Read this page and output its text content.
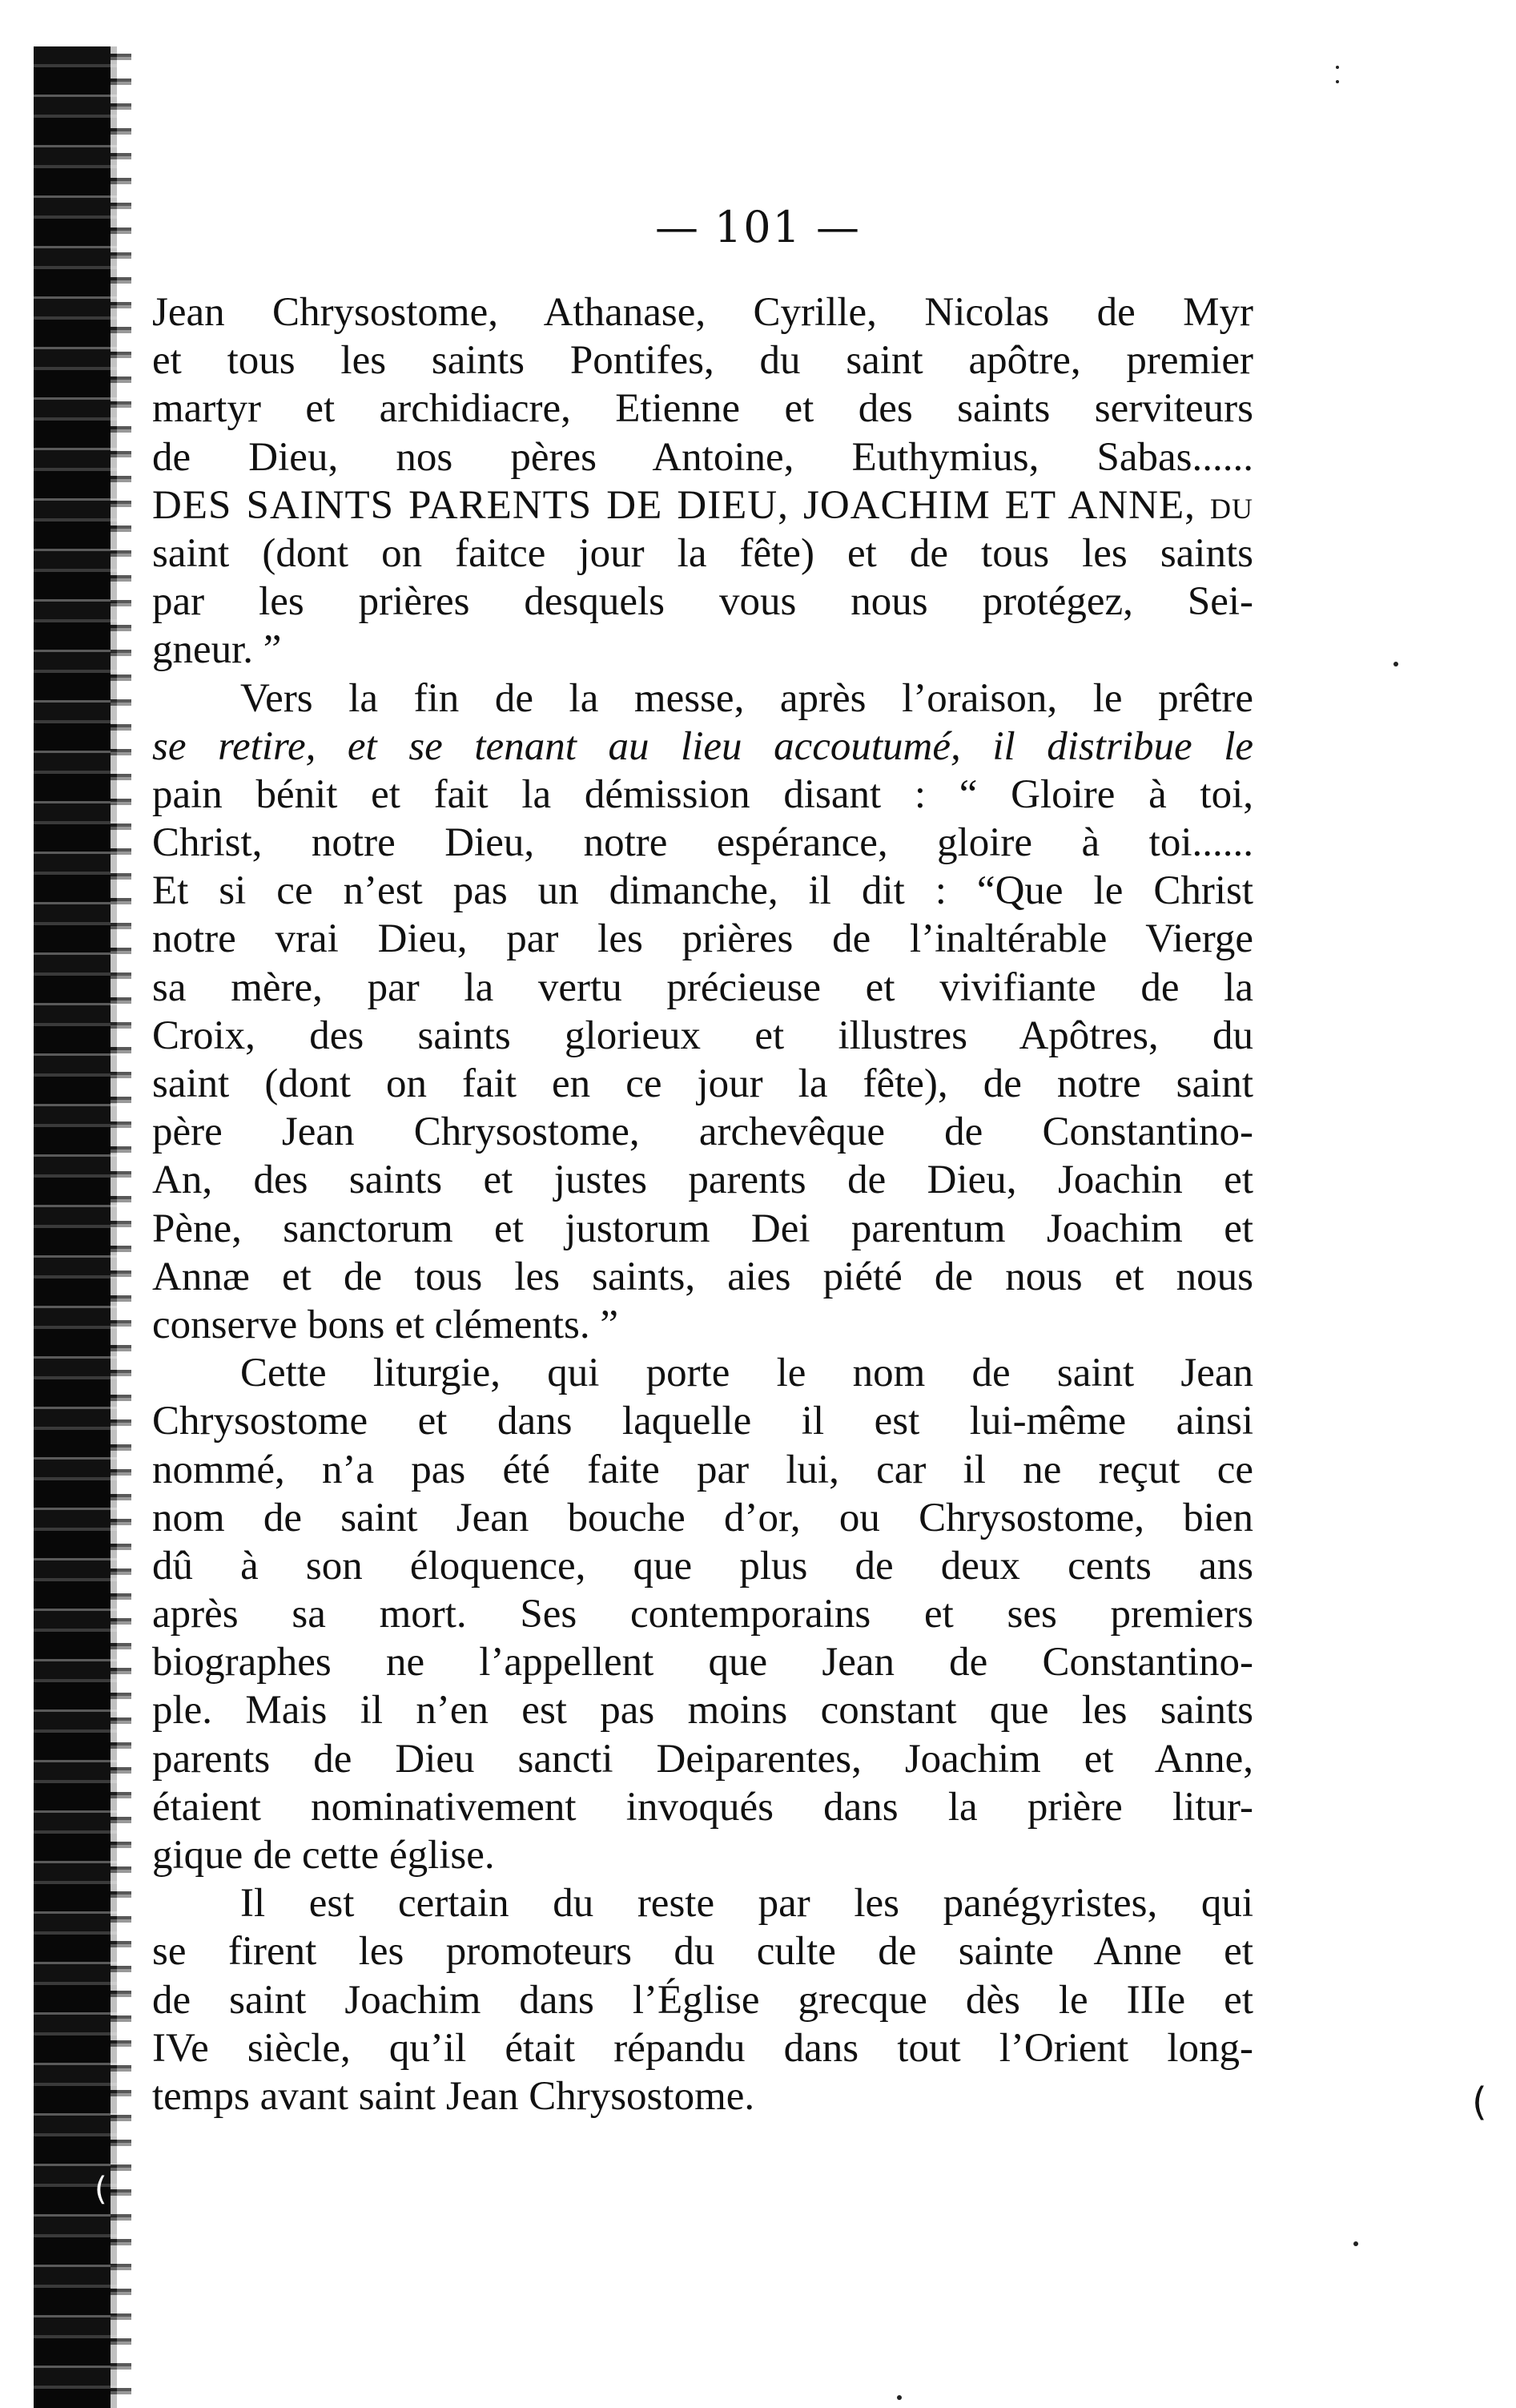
— 101 —
Jean Chrysostome, Athanase, Cyrille, Nicolas de Myr
et tous les saints Pontifes, du saint apôtre, premier
martyr et archidiacre, Etienne et des saints serviteurs
de Dieu, nos pères Antoine, Euthymius, Sabas......
DES SAINTS PARENTS DE DIEU, JOACHIM ET ANNE, du
saint (dont on faitce jour la fête) et de tous les saints
par les prières desquels vous nous protégez, Sei-
gneur. ”
Vers la fin de la messe, après l’oraison, le prêtre
se retire, et se tenant au lieu accoutumé, il distribue le
pain bénit et fait la démission disant : “ Gloire à toi,
Christ, notre Dieu, notre espérance, gloire à toi......
Et si ce n’est pas un dimanche, il dit : “Que le Christ
notre vrai Dieu, par les prières de l’inaltérable Vierge
sa mère, par la vertu précieuse et vivifiante de la
Croix, des saints glorieux et illustres Apôtres, du
saint (dont on fait en ce jour la fête), de notre saint
père Jean Chrysostome, archevêque de Constantino-
An, des saints et justes parents de Dieu, Joachin et
Pène, sanctorum et justorum Dei parentum Joachim et
Annæ et de tous les saints, aies piété de nous et nous
conserve bons et cléments. ”
Cette liturgie, qui porte le nom de saint Jean
Chrysostome et dans laquelle il est lui-même ainsi
nommé, n’a pas été faite par lui, car il ne reçut ce
nom de saint Jean bouche d’or, ou Chrysostome, bien
dû à son éloquence, que plus de deux cents ans
après sa mort. Ses contemporains et ses premiers
biographes ne l’appellent que Jean de Constantino-
ple. Mais il n’en est pas moins constant que les saints
parents de Dieu sancti Deiparentes, Joachim et Anne,
étaient nominativement invoqués dans la prière litur-
gique de cette église.
Il est certain du reste par les panégyristes, qui
se firent les promoteurs du culte de sainte Anne et
de saint Joachim dans l’Église grecque dès le IIIe et
IVe siècle, qu’il était répandu dans tout l’Orient long-
temps avant saint Jean Chrysostome.	(
(
